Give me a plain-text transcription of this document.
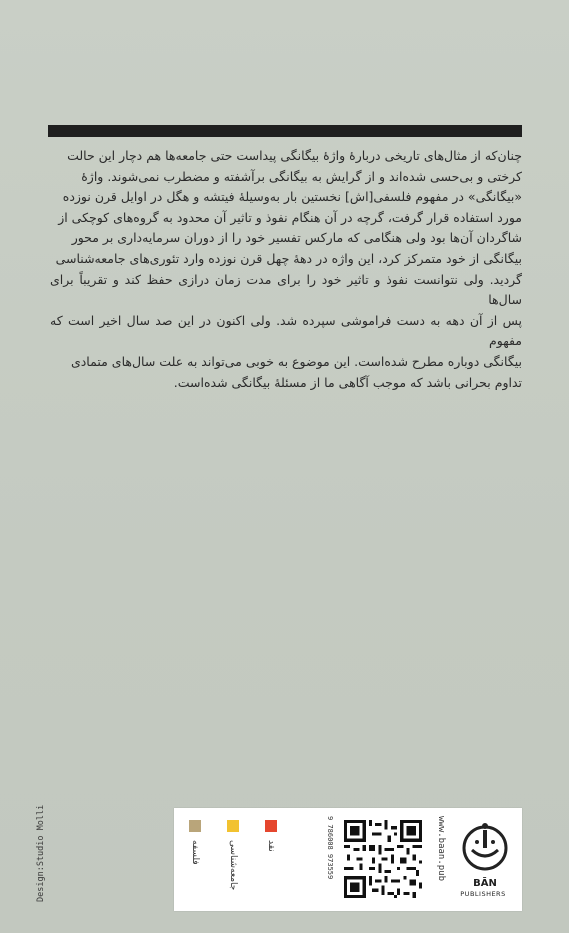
چنان‌که از مثال‌های تاریخی دربارهٔ واژهٔ بیگانگی پیداست حتی جامعه‌ها هم دچار این حالت

کرختی و بی‌حسی شده‌اند و از گرایش به بیگانگی برآشفته و مضطرب نمی‌شوند. واژهٔ

«بیگانگی» در مفهوم فلسفی[اش] نخستین بار به‌وسیلهٔ فیتشه و هگل در اوایل قرن نوزده

مورد استفاده قرار گرفت، گرچه در آن هنگام نفوذ و تاثیر آن محدود به گروه‌های کوچکی از

شاگردان آن‌ها بود ولی هنگامی که مارکس تفسیر خود را از دوران سرمایه‌داری بر محور

بیگانگی از خود متمرکز کرد، این واژه در دههٔ چهل قرن نوزده وارد تئوری‌های جامعه‌شناسی

گردید. ولی نتوانست نفوذ و تاثیر خود را برای مدت زمان درازی حفظ کند و تقریباً برای سال‌ها

پس از آن دهه به دست فراموشی سپرده شد. ولی اکنون در این صد سال اخیر است که مفهوم

بیگانگی دوباره مطرح شده‌است. این موضوع به خوبی می‌تواند به علت سال‌های متمادی

تداوم بحرانی باشد که موجب آگاهی ما از مسئلهٔ بیگانگی شده‌است.

Design:Studio Molli	فلسفه	جامعه‌شناسی	نقد	9 786008 973559	www.baan.pub
BĀN
PUBLISHERS
